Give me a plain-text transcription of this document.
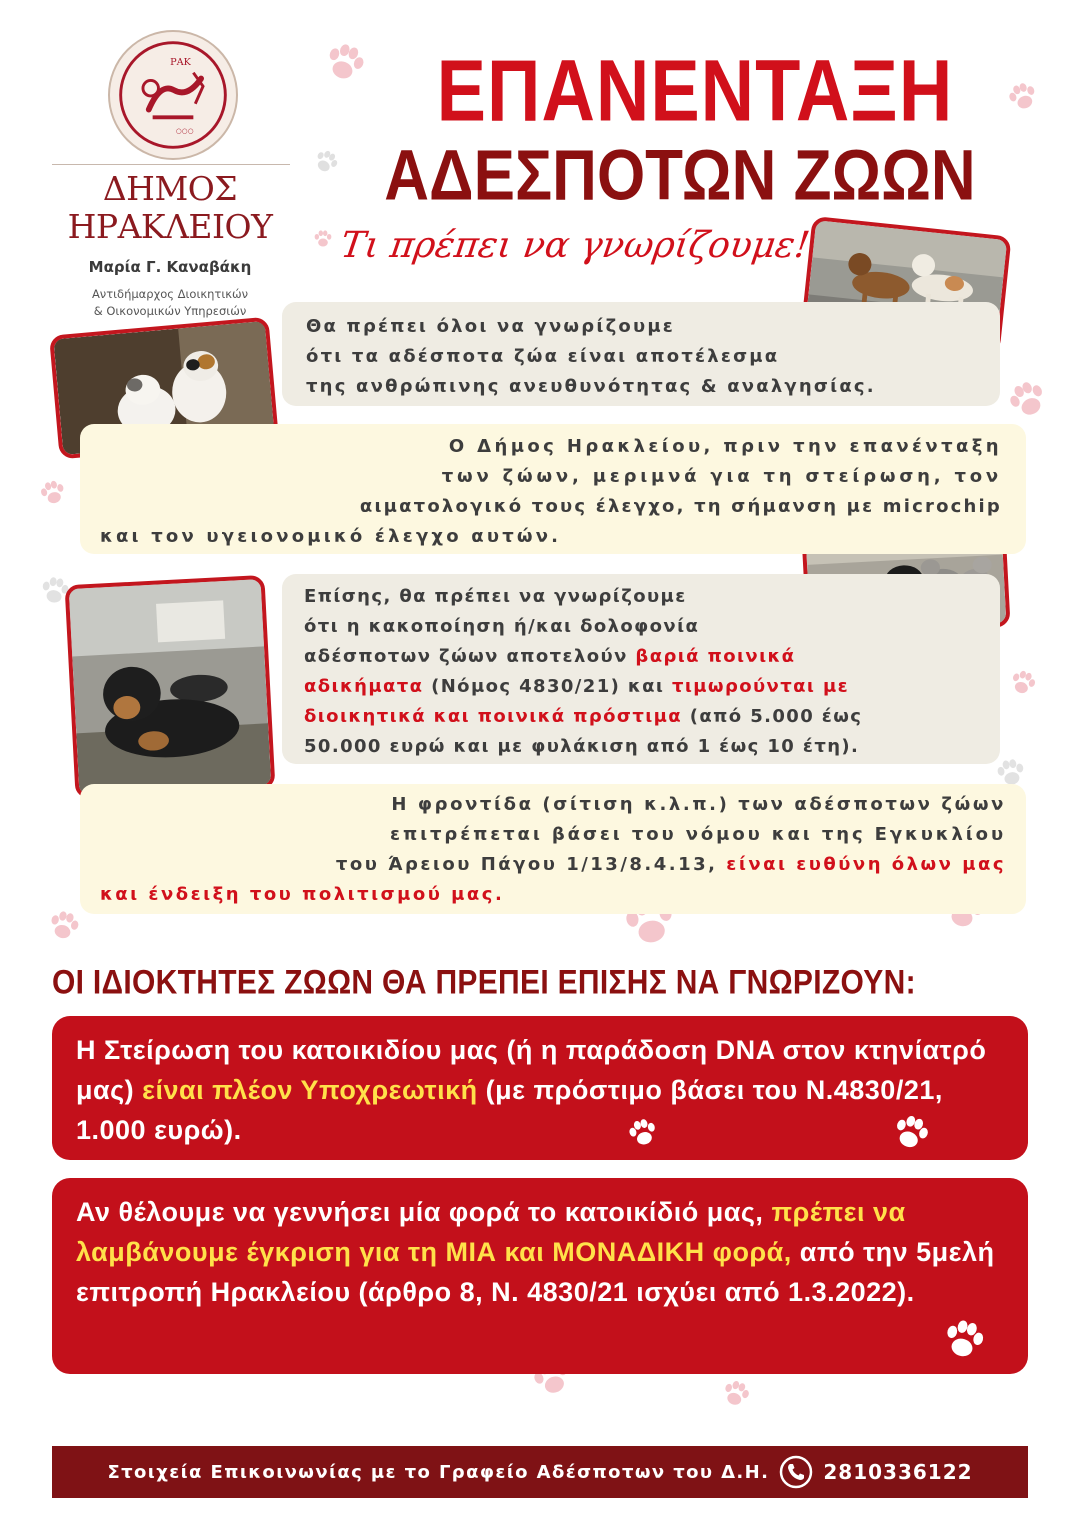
ΡΑΚ
○○○
ΔΗΜΟΣ
ΗΡΑΚΛΕΙΟΥ
Μαρία Γ. Καναβάκη
Αντιδήμαρχος Διοικητικών
& Οικονομικών Υπηρεσιών
ΕΠΑΝΕΝΤΑΞΗ
ΑΔΕΣΠΟΤΩΝ ΖΩΩΝ
Τι πρέπει να γνωρίζουμε!

Θα πρέπει όλοι να γνωρίζουμε

ότι τα αδέσποτα ζώα είναι αποτέλεσμα

της ανθρώπινης ανευθυνότητας & αναλγησίας.

Ο Δήμος Ηρακλείου, πριν την επανένταξη

των ζώων, μεριμνά για τη στείρωση, τον

αιματολογικό τους έλεγχο, τη σήμανση με microchip

και τον υγειονομικό έλεγχο αυτών.

Επίσης, θα πρέπει να γνωρίζουμε

ότι η κακοποίηση ή/και δολοφονία

αδέσποτων ζώων αποτελούν βαριά ποινικά

αδικήματα (Νόμος 4830/21) και τιμωρούνται με

διοικητικά και ποινικά πρόστιμα (από 5.000 έως

50.000 ευρώ και με φυλάκιση από 1 έως 10 έτη).

Η φροντίδα (σίτιση κ.λ.π.) των αδέσποτων ζώων

επιτρέπεται βάσει του νόμου και της Εγκυκλίου

του Άρειου Πάγου 1/13/8.4.13, είναι ευθύνη όλων μας

και ένδειξη του πολιτισμού μας.

ΟΙ ΙΔΙΟΚΤΗΤΕΣ ΖΩΩΝ ΘΑ ΠΡΕΠΕΙ ΕΠΙΣΗΣ ΝΑ ΓΝΩΡΙΖΟΥΝ:
Η Στείρωση του κατοικιδίου μας (ή η παράδοση DNA στον κτηνίατρό μας) είναι πλέον Υποχρεωτική (με πρόστιμο βάσει του Ν.4830/21, 1.000 ευρώ).
Αν θέλουμε να γεννήσει μία φορά το κατοικίδιό μας, πρέπει να λαμβάνουμε έγκριση για τη ΜΙΑ και ΜΟΝΑΔΙΚΗ φορά, από την 5μελή επιτροπή Ηρακλείου (άρθρο 8, Ν. 4830/21 ισχύει από 1.3.2022).
Στοιχεία Επικοινωνίας με το Γραφείο Αδέσποτων του Δ.Η.	2810336122
